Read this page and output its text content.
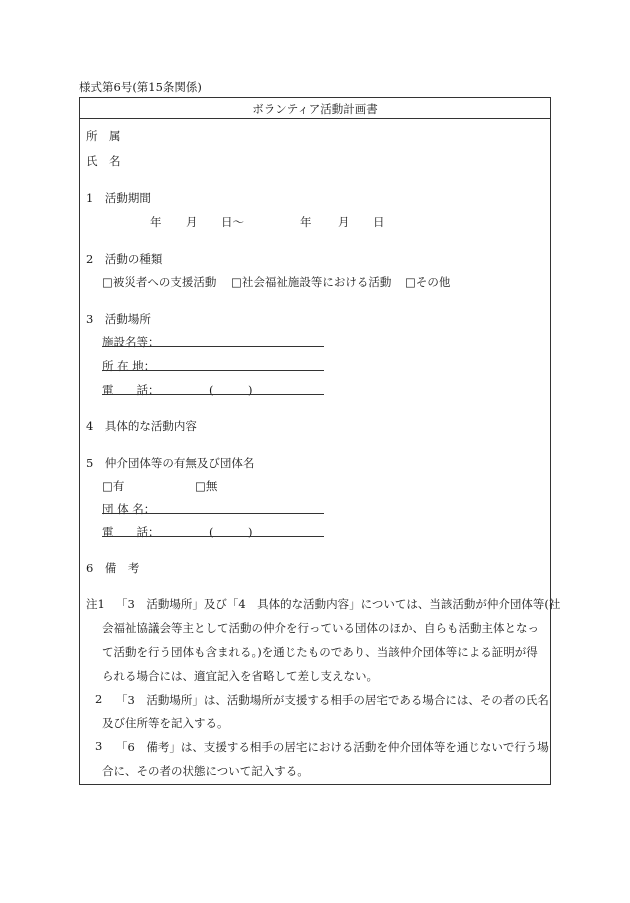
様式第6号(第15条関係)
ボランティア活動計画書
所　属
氏　名
1　活動期間
年 月 日〜	年 月 日
2　活動の種類
□被災者への支援活動 □社会福祉施設等における活動 □その他
3　活動場所
施設名等：
所 在 地：
電　　話：	(　　　)
4　具体的な活動内容
5　仲介団体等の有無及び団体名
□有	□無
団 体 名：
電　　話：	(　　　)
6　備　考
注1 「3　活動場所」及び「4　具体的な活動内容」については、当該活動が仲介団体等(社
会福祉協議会等主として活動の仲介を行っている団体のほか、自らも活動主体となっ
て活動を行う団体も含まれる。)を通じたものであり、当該仲介団体等による証明が得
られる場合には、適宜記入を省略して差し支えない。
2 「3　活動場所」は、活動場所が支援する相手の居宅である場合には、その者の氏名
及び住所等を記入する。
3 「6　備考」は、支援する相手の居宅における活動を仲介団体等を通じないで行う場
合に、その者の状態について記入する。
